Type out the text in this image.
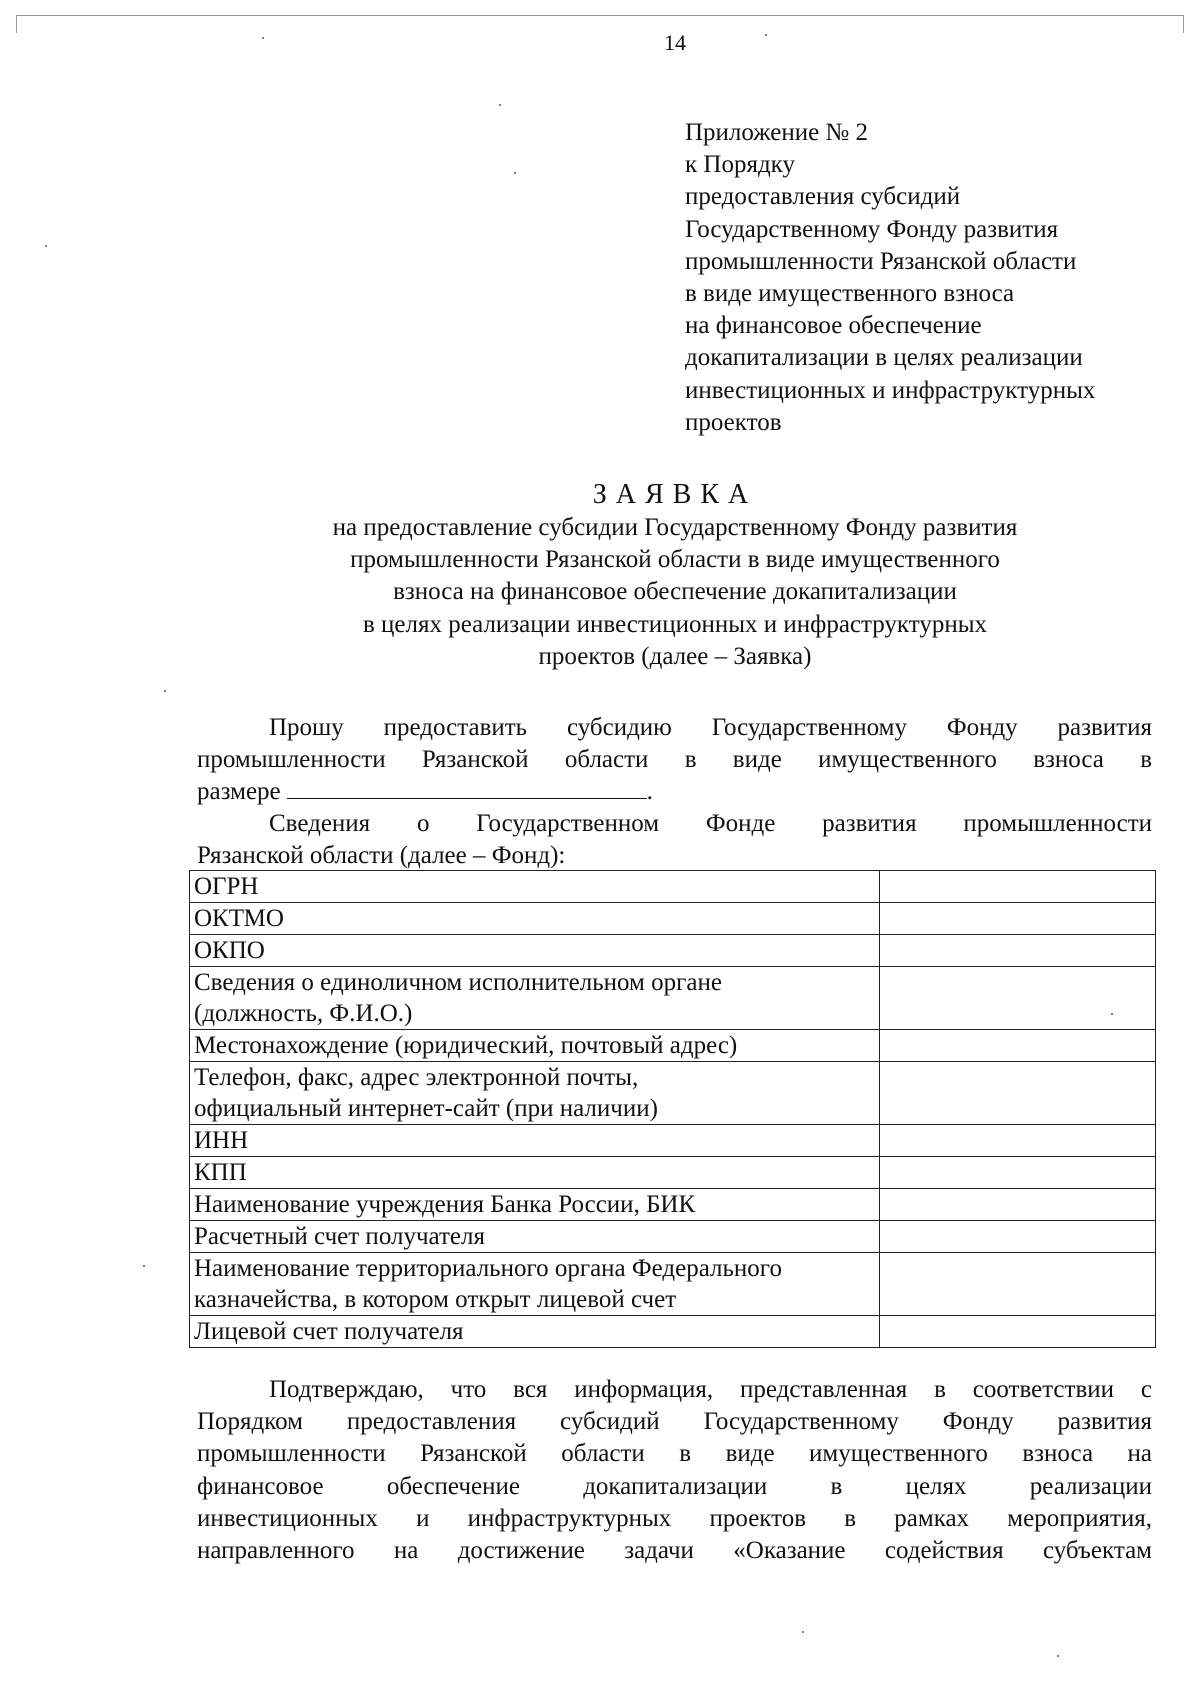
14
Приложение № 2
к Порядку
предоставления субсидий
Государственному Фонду развития
промышленности Рязанской области
в виде имущественного взноса
на финансовое обеспечение
докапитализации в целях реализации
инвестиционных и инфраструктурных
проектов
ЗАЯВКА
на предоставление субсидии Государственному Фонду развития
промышленности Рязанской области в виде имущественного
взноса на финансовое обеспечение докапитализации
в целях реализации инвестиционных и инфраструктурных
проектов (далее – Заявка)
Прошу предоставить субсидию Государственному Фонду развития
промышленности Рязанской области в виде имущественного взноса в
размере	.
Сведения о Государственном Фонде развития промышленности
Рязанской области (далее – Фонд):
ОГРН	
ОКТМО	
ОКПО	
Сведения о единоличном исполнительном органе
(должность, Ф.И.О.)	
Местонахождение (юридический, почтовый адрес)	
Телефон, факс, адрес электронной почты,
официальный интернет-сайт (при наличии)	
ИНН	
КПП	
Наименование учреждения Банка России, БИК	
Расчетный счет получателя	
Наименование территориального органа Федерального
казначейства, в котором открыт лицевой счет	
Лицевой счет получателя	
Подтверждаю, что вся информация, представленная в соответствии с
Порядком предоставления субсидий Государственному Фонду развития
промышленности Рязанской области в виде имущественного взноса на
финансовое обеспечение докапитализации в целях реализации
инвестиционных и инфраструктурных проектов в рамках мероприятия,
направленного на достижение задачи «Оказание содействия субъектам
